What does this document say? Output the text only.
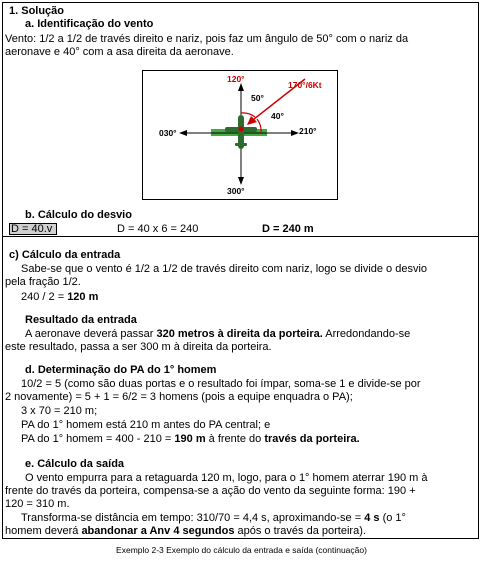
1. Solução
a. Identificação do vento
Vento: 1/2 a 1/2 de través direito e nariz, pois faz um ângulo de 50° com o nariz da
aeronave e 40° com a asa direita da aeronave.
120°
300°
030°	210°
50°
40°
170°/6Kt
b. Cálculo do desvio
D = 40.v	D = 40 x 6 = 240	D = 240 m
c) Cálculo da entrada
Sabe-se que o vento é 1/2 a 1/2 de través direito com nariz, logo se divide o desvio
pela fração 1/2.
240 / 2 = 120 m
Resultado da entrada
A aeronave deverá passar 320 metros à direita da porteira. Arredondando-se
este resultado, passa a ser 300 m à direita da porteira.
d. Determinação do PA do 1° homem
10/2 = 5 (como são duas portas e o resultado foi ímpar, soma-se 1 e divide-se por
2 novamente) = 5 + 1 = 6/2 = 3 homens (pois a equipe enquadra o PA);
3 x 70 = 210 m;
PA do 1° homem está 210 m antes do PA central; e
PA do 1° homem = 400 - 210 = 190 m à frente do través da porteira.
e. Cálculo da saída
O vento empurra para a retaguarda 120 m, logo, para o 1° homem aterrar 190 m à
frente do través da porteira, compensa-se a ação do vento da seguinte forma: 190 +
120 = 310 m.
Transforma-se distância em tempo: 310/70 = 4,4 s, aproximando-se = 4 s (o 1°
homem deverá abandonar a Anv 4 segundos após o través da porteira).
Exemplo 2-3 Exemplo do cálculo da entrada e saída (continuação)
